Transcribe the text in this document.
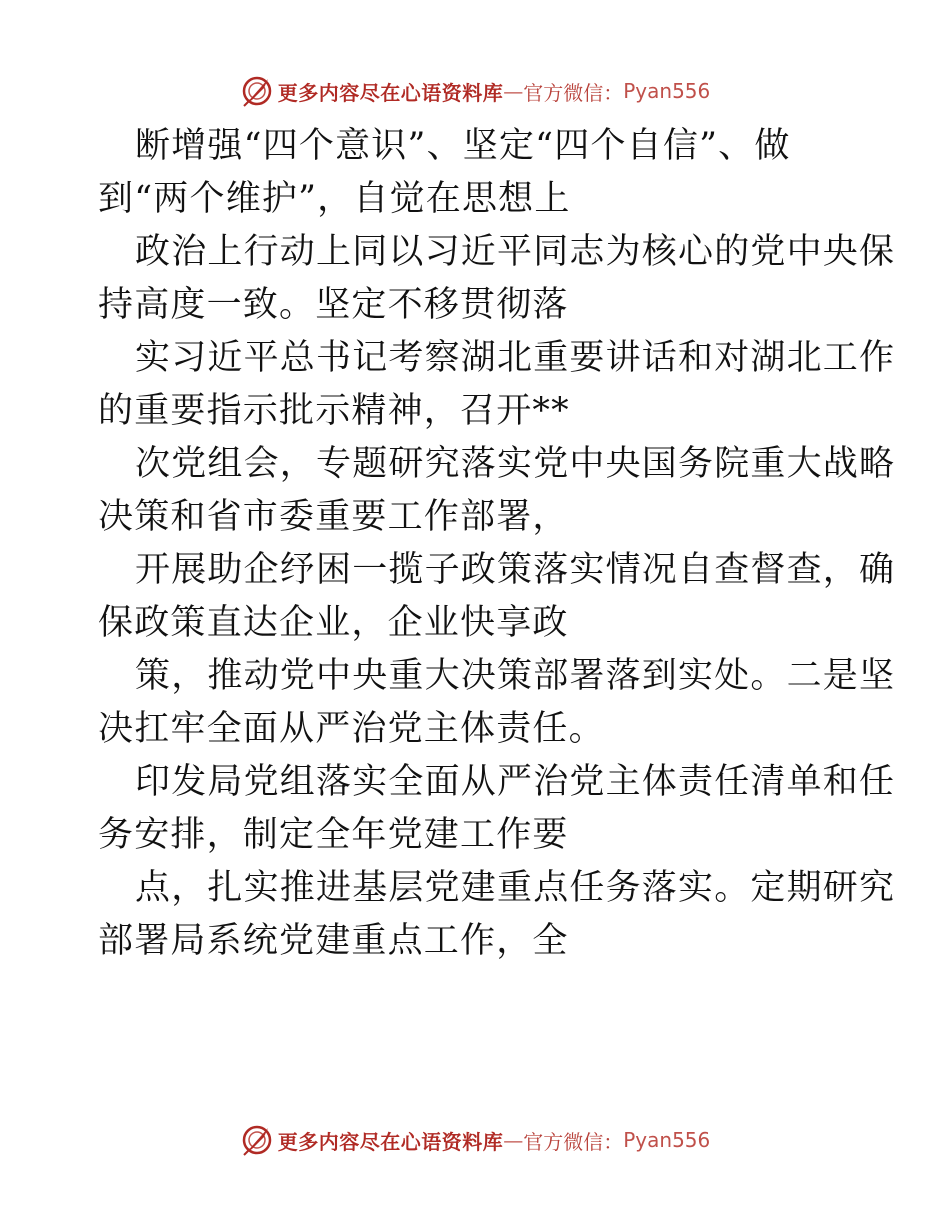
更多内容尽在心语资料库 — 官方微信： Pyan556

断增强“四个意识”、坚定“四个自信”、做
到“两个维护”，自觉在思想上

政治上行动上同以习近平同志为核心的党中央保
持高度一致。坚定不移贯彻落

实习近平总书记考察湖北重要讲话和对湖北工作
的重要指示批示精神，召开**

次党组会，专题研究落实党中央国务院重大战略
决策和省市委重要工作部署，

开展助企纾困一揽子政策落实情况自查督查，确
保政策直达企业，企业快享政

策，推动党中央重大决策部署落到实处。二是坚
决扛牢全面从严治党主体责任。

印发局党组落实全面从严治党主体责任清单和任
务安排，制定全年党建工作要

点，扎实推进基层党建重点任务落实。定期研究
部署局系统党建重点工作，全

更多内容尽在心语资料库 — 官方微信： Pyan556
